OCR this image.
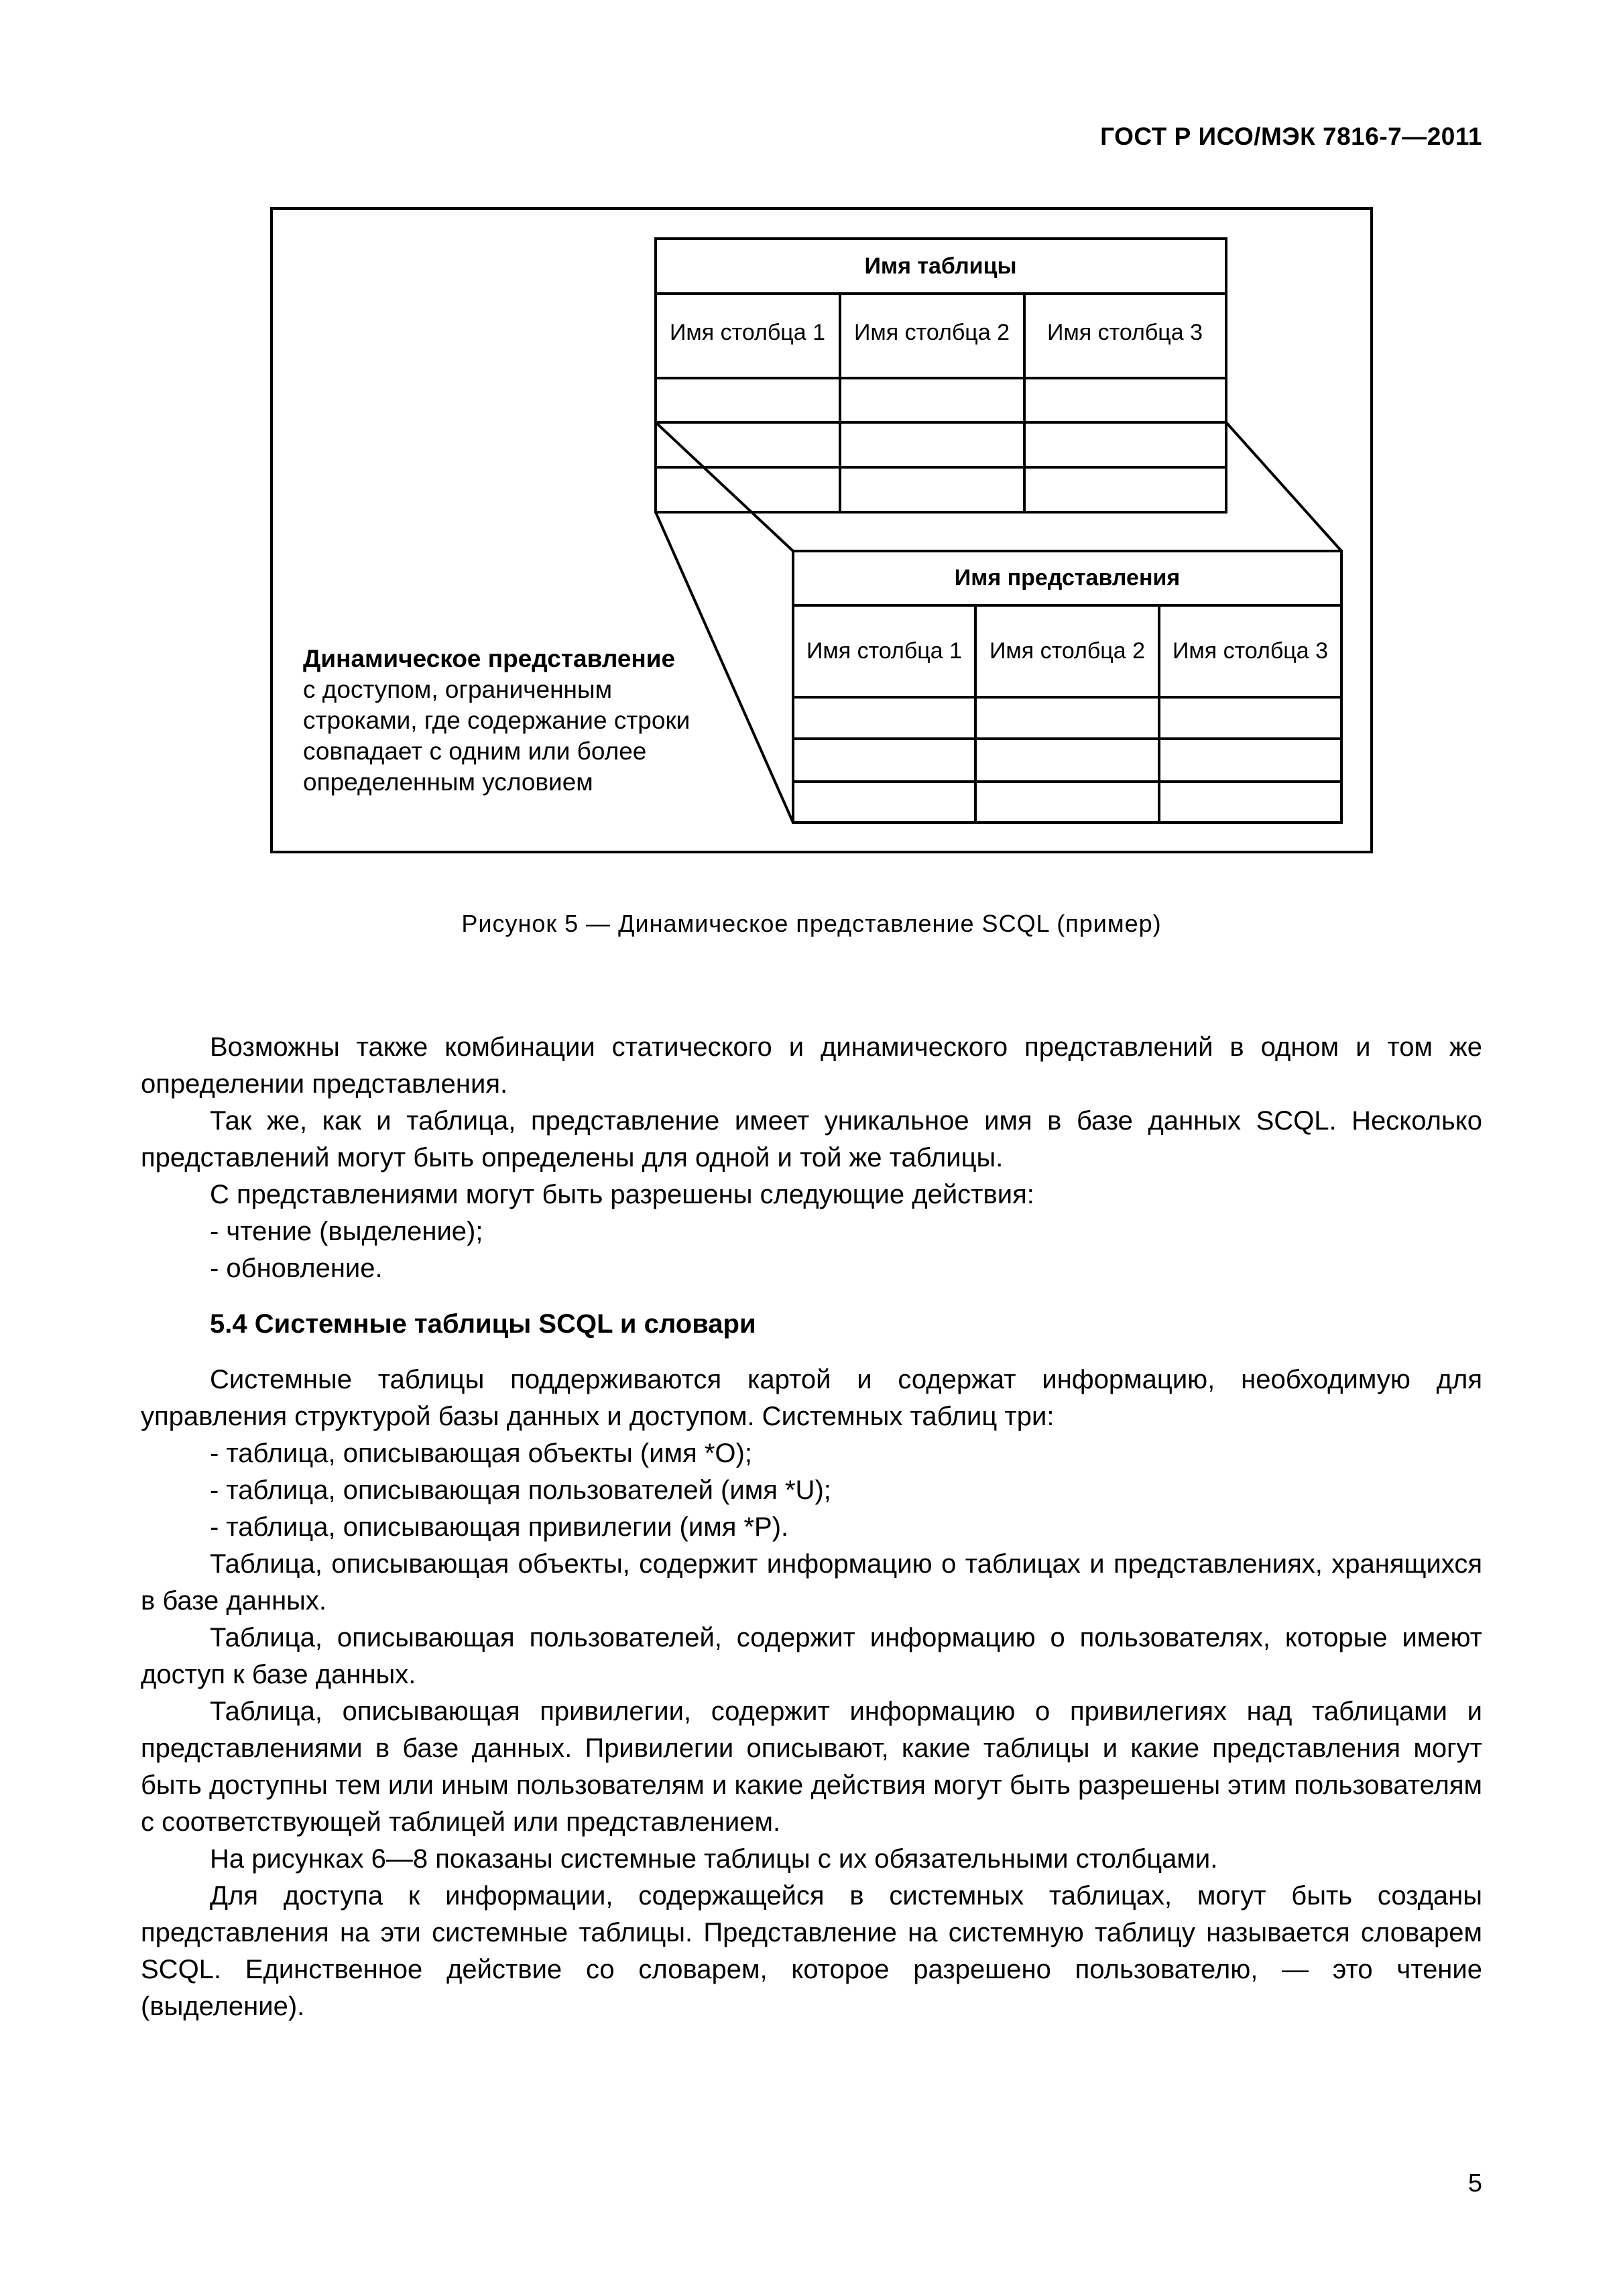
ГОСТ Р ИСО/МЭК 7816-7—2011
Имя таблицы
Имя столбца 1 Имя столбца 2 Имя столбца 3
Имя представления
Имя столбца 1 Имя столбца 2 Имя столбца 3
Динамическое представление
с доступом, ограниченным
строками, где содержание строки
совпадает с одним или более
определенным условием
Рисунок 5 — Динамическое представление SCQL (пример)

Возможны также комбинации статического и динамического представлений в одном и том же определении представления.

Так же, как и таблица, представление имеет уникальное имя в базе данных SCQL. Несколько представлений могут быть определены для одной и той же таблицы.

С представлениями могут быть разрешены следующие действия:

- чтение (выделение);

- обновление.

5.4 Системные таблицы SCQL и словари

Системные таблицы поддерживаются картой и содержат информацию, необходимую для управления структурой базы данных и доступом. Системных таблиц три:

- таблица, описывающая объекты (имя *O);

- таблица, описывающая пользователей (имя *U);

- таблица, описывающая привилегии (имя *P).

Таблица, описывающая объекты, содержит информацию о таблицах и представлениях, хранящихся в базе данных.

Таблица, описывающая пользователей, содержит информацию о пользователях, которые имеют доступ к базе данных.

Таблица, описывающая привилегии, содержит информацию о привилегиях над таблицами и представлениями в базе данных. Привилегии описывают, какие таблицы и какие представления могут быть доступны тем или иным пользователям и какие действия могут быть разрешены этим пользователям с соответствующей таблицей или представлением.

На рисунках 6—8 показаны системные таблицы с их обязательными столбцами.

Для доступа к информации, содержащейся в системных таблицах, могут быть созданы представления на эти системные таблицы. Представление на системную таблицу называется словарем SCQL. Единственное действие со словарем, которое разрешено пользователю, — это чтение (выделение).

5
